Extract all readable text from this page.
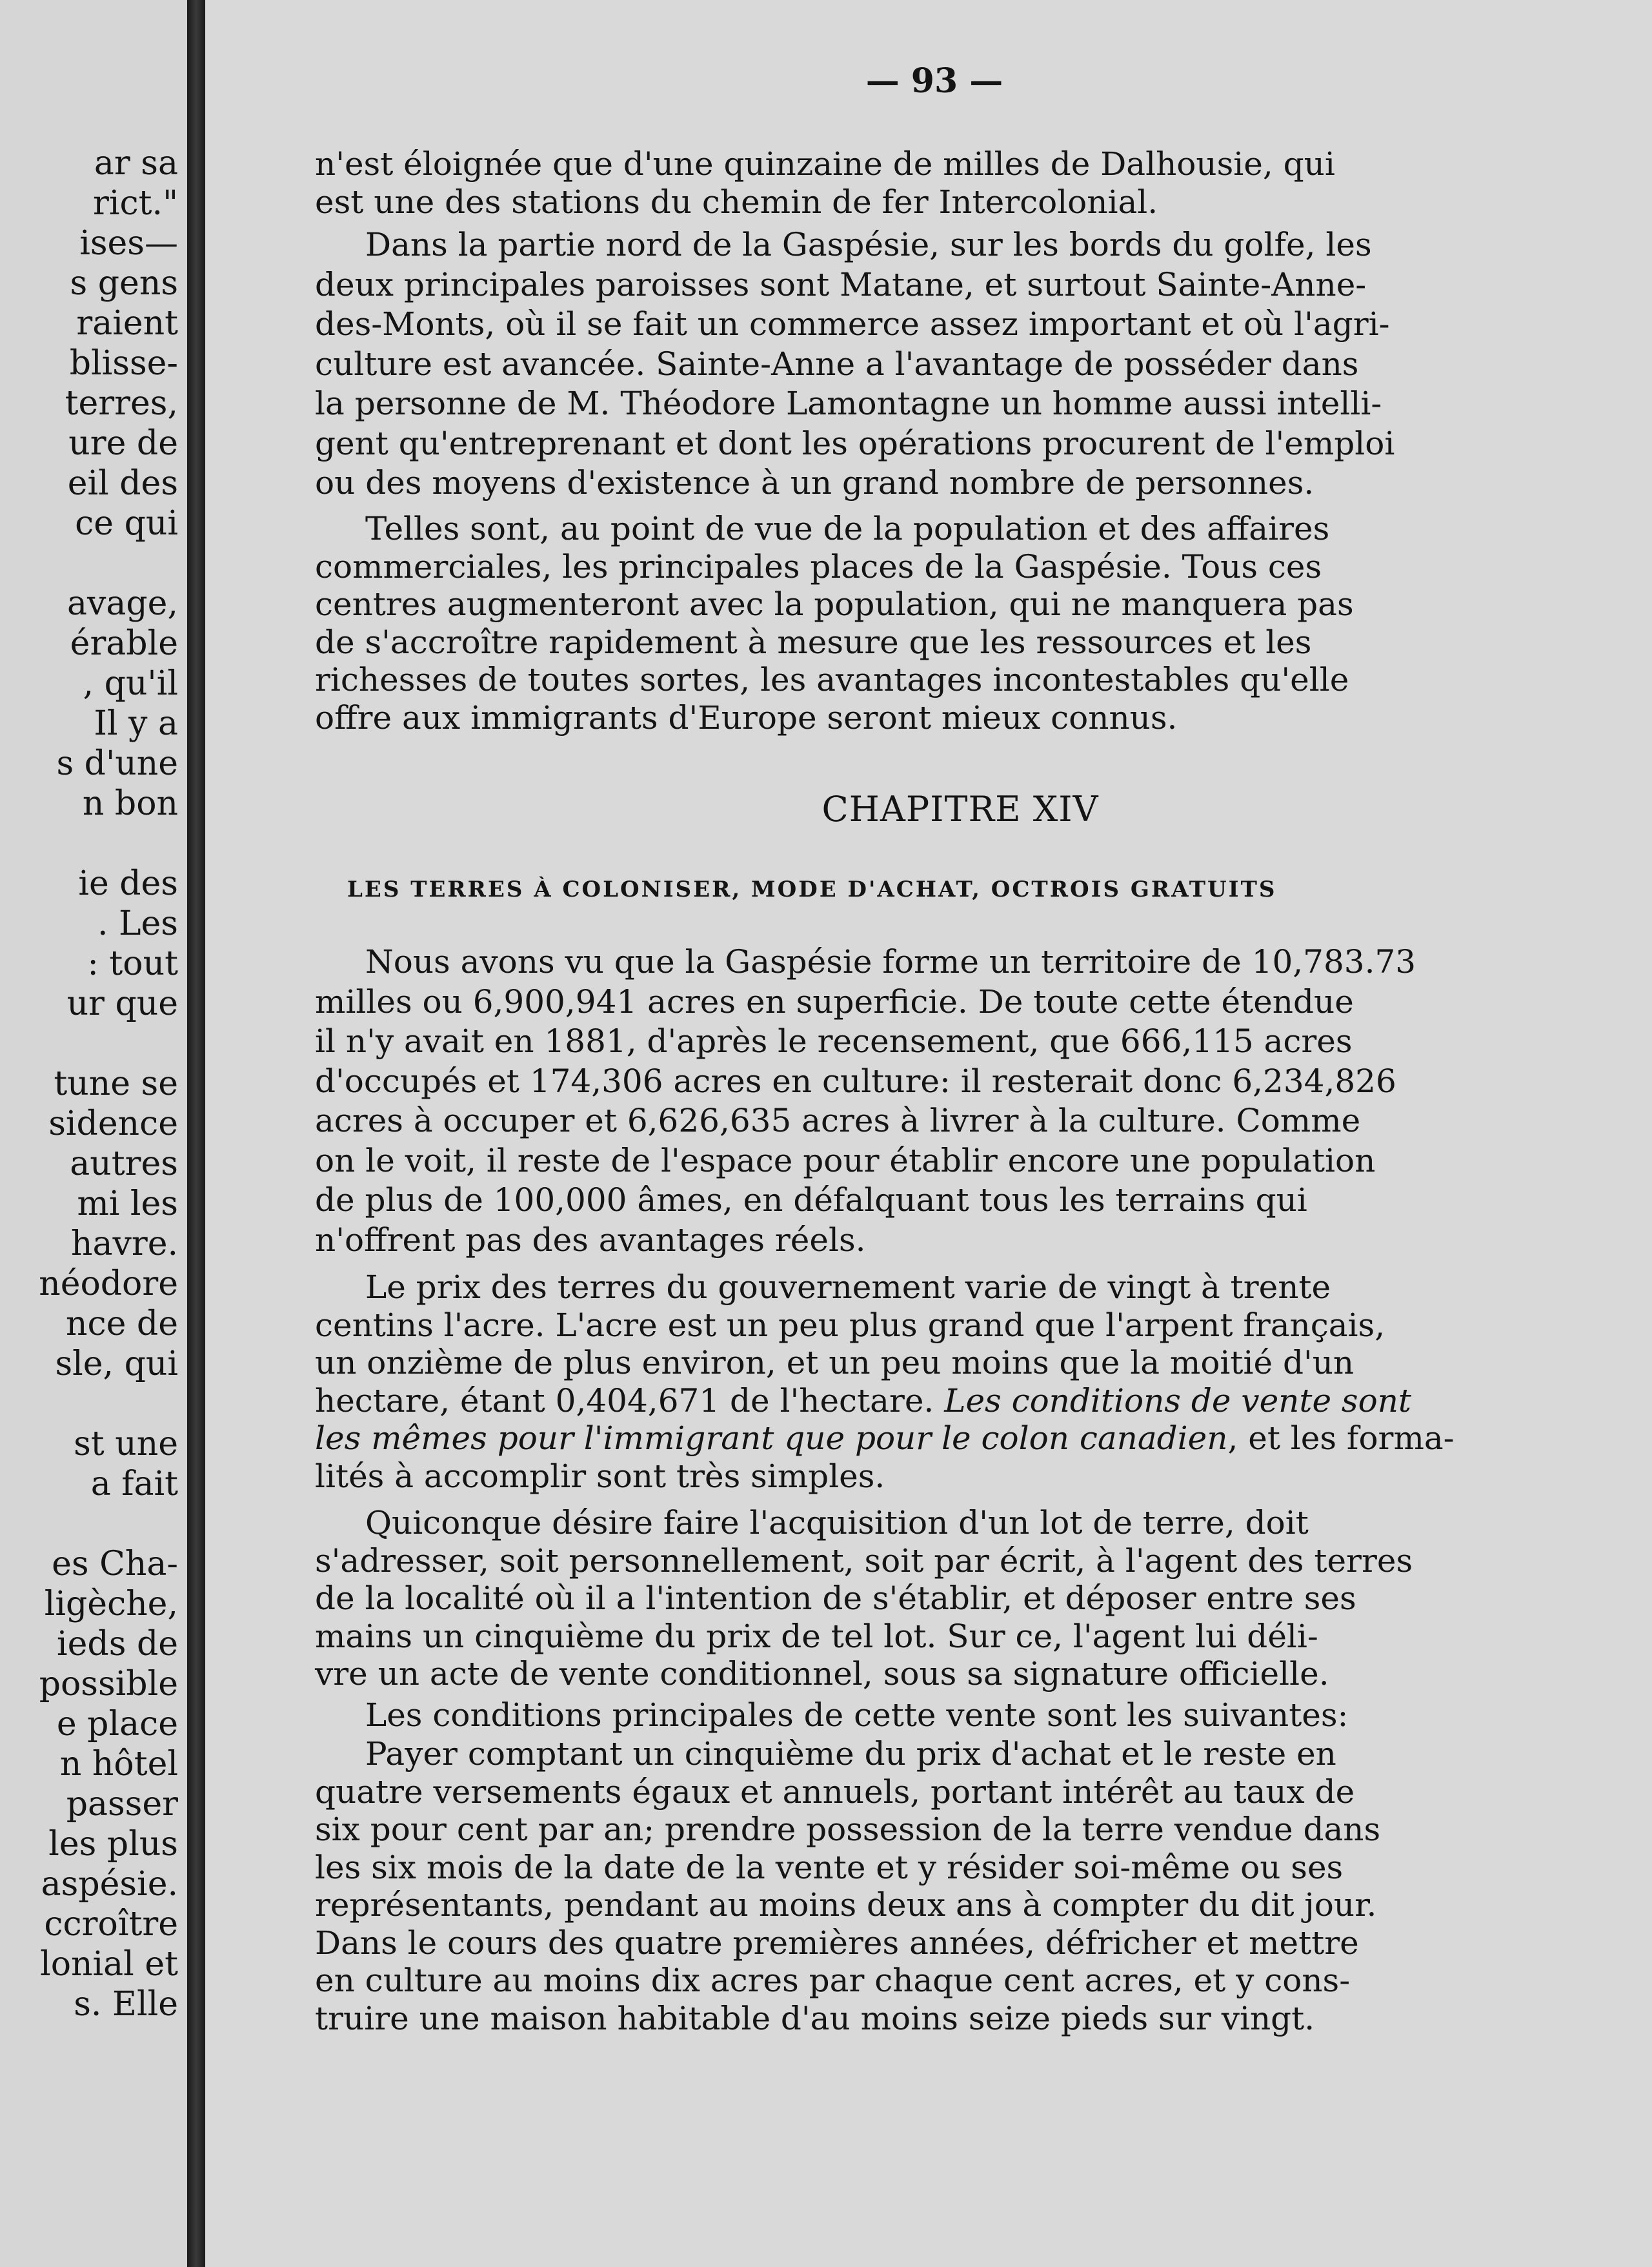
ar sa
rict."
ises—
s gens
raient
blisse-
terres,
ure de
eil des
ce qui
avage,
érable
, qu'il
Il y a
s d'une
n bon
ie des
. Les
: tout
ur que
tune se
sidence
autres
mi les
havre.
néodore
nce de
sle, qui
st une
a fait
es Cha-
ligèche,
ieds de
possible
e place
n hôtel
passer
les plus
aspésie.
ccroître
lonial et
s. Elle
— 93 —
n'est éloignée que d'une quinzaine de milles de Dalhousie, qui
est une des stations du chemin de fer Intercolonial.
Dans la partie nord de la Gaspésie, sur les bords du golfe, les
deux principales paroisses sont Matane, et surtout Sainte-Anne-
des-Monts, où il se fait un commerce assez important et où l'agri-
culture est avancée. Sainte-Anne a l'avantage de posséder dans
la personne de M. Théodore Lamontagne un homme aussi intelli-
gent qu'entreprenant et dont les opérations procurent de l'emploi
ou des moyens d'existence à un grand nombre de personnes.
Telles sont, au point de vue de la population et des affaires
commerciales, les principales places de la Gaspésie. Tous ces
centres augmenteront avec la population, qui ne manquera pas
de s'accroître rapidement à mesure que les ressources et les
richesses de toutes sortes, les avantages incontestables qu'elle
offre aux immigrants d'Europe seront mieux connus.
CHAPITRE XIV
LES TERRES À COLONISER, MODE D'ACHAT, OCTROIS GRATUITS
Nous avons vu que la Gaspésie forme un territoire de 10,783.73
milles ou 6,900,941 acres en superficie. De toute cette étendue
il n'y avait en 1881, d'après le recensement, que 666,115 acres
d'occupés et 174,306 acres en culture: il resterait donc 6,234,826
acres à occuper et 6,626,635 acres à livrer à la culture. Comme
on le voit, il reste de l'espace pour établir encore une population
de plus de 100,000 âmes, en défalquant tous les terrains qui
n'offrent pas des avantages réels.
Le prix des terres du gouvernement varie de vingt à trente
centins l'acre. L'acre est un peu plus grand que l'arpent français,
un onzième de plus environ, et un peu moins que la moitié d'un
hectare, étant 0,404,671 de l'hectare. Les conditions de vente sont
les mêmes pour l'immigrant que pour le colon canadien, et les forma-
lités à accomplir sont très simples.
Quiconque désire faire l'acquisition d'un lot de terre, doit
s'adresser, soit personnellement, soit par écrit, à l'agent des terres
de la localité où il a l'intention de s'établir, et déposer entre ses
mains un cinquième du prix de tel lot. Sur ce, l'agent lui déli-
vre un acte de vente conditionnel, sous sa signature officielle.
Les conditions principales de cette vente sont les suivantes:
Payer comptant un cinquième du prix d'achat et le reste en
quatre versements égaux et annuels, portant intérêt au taux de
six pour cent par an; prendre possession de la terre vendue dans
les six mois de la date de la vente et y résider soi-même ou ses
représentants, pendant au moins deux ans à compter du dit jour.
Dans le cours des quatre premières années, défricher et mettre
en culture au moins dix acres par chaque cent acres, et y cons-
truire une maison habitable d'au moins seize pieds sur vingt.
